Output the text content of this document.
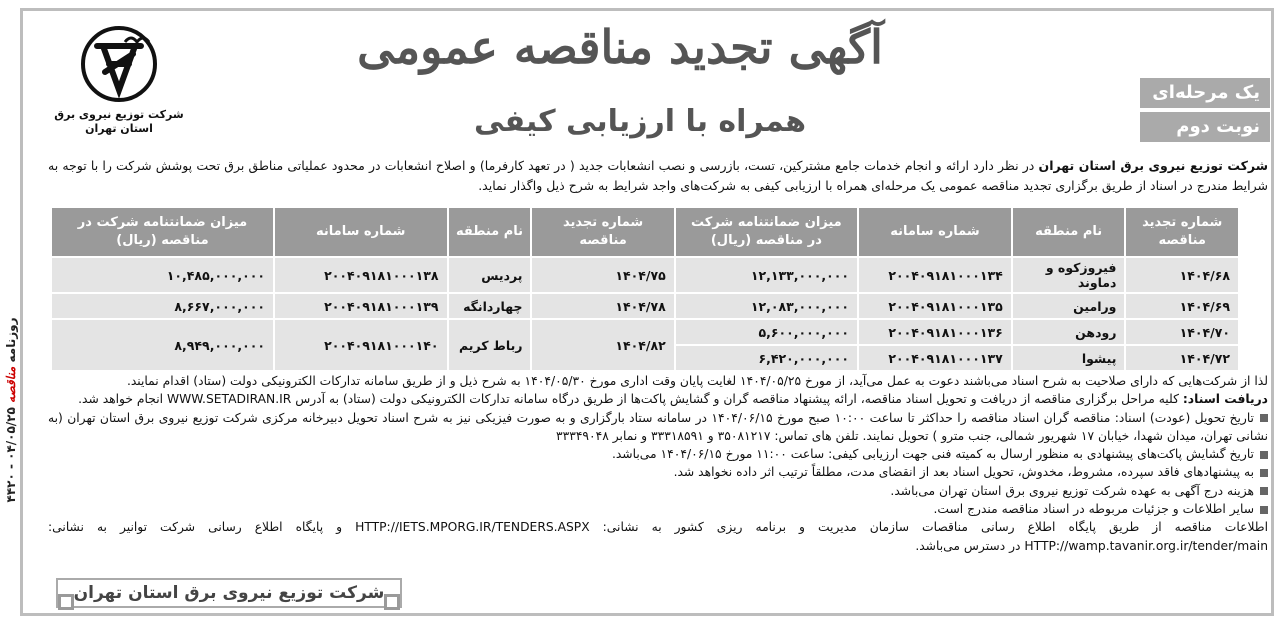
روزنامه مناقصه ۰۴/۰۵/۲۵ - ۴۴۲۰
شرکت توزیع نیروی برق
استان تهران
آگهی تجدید مناقصه عمومی
همراه با ارزیابی کیفی
یک مرحله‌ای
نوبت دوم
شرکت توزیع نیروی برق استان تهران در نظر دارد ارائه و انجام خدمات جامع مشترکین، تست، بازرسی و نصب انشعابات جدید ( در تعهد کارفرما) و اصلاح انشعابات در محدود عملیاتی مناطق برق تحت پوشش شرکت را با توجه به شرایط مندرج در اسناد از طریق برگزاری تجدید مناقصه عمومی یک مرحله‌ای همراه با ارزیابی کیفی به شرکت‌های واجد شرایط به شرح ذیل واگذار نماید.
شماره تجدید مناقصه	نام منطقه	شماره سامانه	میزان ضمانتنامه شرکت در مناقصه (ریال)	شماره تجدید مناقصه	نام منطقه	شماره سامانه	میزان ضمانتنامه شرکت در مناقصه (ریال)
۱۴۰۴/۶۸	فیروزکوه و دماوند	۲۰۰۴۰۹۱۸۱۰۰۰۱۳۴	۱۲,۱۳۳,۰۰۰,۰۰۰	۱۴۰۴/۷۵	پردیس	۲۰۰۴۰۹۱۸۱۰۰۰۱۳۸	۱۰,۴۸۵,۰۰۰,۰۰۰
۱۴۰۴/۶۹	ورامین	۲۰۰۴۰۹۱۸۱۰۰۰۱۳۵	۱۲,۰۸۳,۰۰۰,۰۰۰	۱۴۰۴/۷۸	چهاردانگه	۲۰۰۴۰۹۱۸۱۰۰۰۱۳۹	۸,۶۶۷,۰۰۰,۰۰۰
۱۴۰۴/۷۰	رودهن	۲۰۰۴۰۹۱۸۱۰۰۰۱۳۶	۵,۶۰۰,۰۰۰,۰۰۰	۱۴۰۴/۸۲	رباط کریم	۲۰۰۴۰۹۱۸۱۰۰۰۱۴۰	۸,۹۴۹,۰۰۰,۰۰۰
۱۴۰۴/۷۲	پیشوا	۲۰۰۴۰۹۱۸۱۰۰۰۱۳۷	۶,۴۲۰,۰۰۰,۰۰۰				

لذا از شرکت‌هایی که دارای صلاحیت به شرح اسناد می‌باشند دعوت به عمل می‌آید، از مورخ ۱۴۰۴/۰۵/۲۵ لغایت پایان وقت اداری مورخ ۱۴۰۴/۰۵/۳۰ به شرح ذیل و از طریق سامانه تدارکات الکترونیکی دولت (ستاد) اقدام نمایند.

دریافت اسناد: کلیه مراحل برگزاری مناقصه از دریافت و تحویل اسناد مناقصه، ارائه پیشنهاد مناقصه گران و گشایش پاکت‌ها از طریق درگاه سامانه تدارکات الکترونیکی دولت (ستاد) به آدرس WWW.SETADIRAN.IR انجام خواهد شد.

تاریخ تحویل (عودت) اسناد: مناقصه گران اسناد مناقصه را حداکثر تا ساعت ۱۰:۰۰ صبح مورخ ۱۴۰۴/۰۶/۱۵ در سامانه ستاد بارگزاری و به صورت فیزیکی نیز به شرح اسناد تحویل دبیرخانه مرکزی شرکت توزیع نیروی برق استان تهران (به نشانی تهران، میدان شهدا، خیابان ۱۷ شهریور شمالی، جنب مترو ) تحویل نمایند. تلفن های تماس: ۳۵۰۸۱۲۱۷ و ۳۳۳۱۸۵۹۱ و نمابر ۳۳۳۴۹۰۴۸

تاریخ گشایش پاکت‌های پیشنهادی به منظور ارسال به کمیته فنی جهت ارزیابی کیفی: ساعت ۱۱:۰۰ مورخ ۱۴۰۴/۰۶/۱۵ می‌باشد.

به پیشنهادهای فاقد سپرده، مشروط، مخدوش، تحویل اسناد بعد از انقضای مدت، مطلقاً ترتیب اثر داده نخواهد شد.

هزینه درج آگهی به عهده شرکت توزیع نیروی برق استان تهران می‌باشد.

سایر اطلاعات و جزئیات مربوطه در اسناد مناقصه مندرج است.

اطلاعات مناقصه از طریق پایگاه اطلاع رسانی مناقصات سازمان مدیریت و برنامه ریزی کشور به نشانی: HTTP://IETS.MPORG.IR/TENDERS.ASPX و پایگاه اطلاع رسانی شرکت توانیر به نشانی: HTTP://wamp.tavanir.org.ir/tender/main در دسترس می‌باشد.

شرکت توزیع نیروی برق استان تهران
